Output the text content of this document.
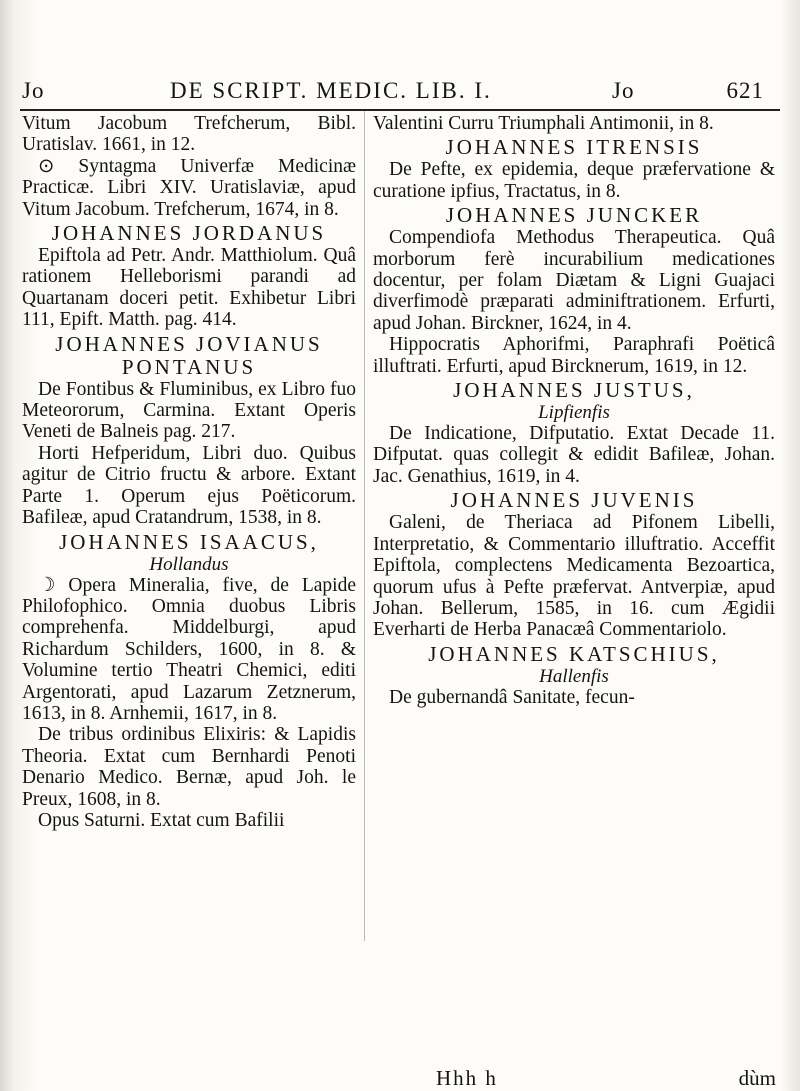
Jo	DE SCRIPT. MEDIC. LIB. I.	Jo	621

Vitum Jacobum Trefcherum, Bibl. Uratislav. 1661, in 12.

⊙ Syntagma Univerfæ Medicinæ Practicæ. Libri XIV. Uratislaviæ, apud Vitum Jacobum. Trefcherum, 1674, in 8.

JOHANNES JORDANUS

Epiftola ad Petr. Andr. Matthiolum. Quâ rationem Helleborismi parandi ad Quartanam doceri petit. Exhibetur Libri 111, Epift. Matth. pag. 414.

JOHANNES JOVIANUS PONTANUS

De Fontibus & Fluminibus, ex Libro fuo Meteororum, Carmina. Extant Operis Veneti de Balneis pag. 217.

Horti Hefperidum, Libri duo. Quibus agitur de Citrio fructu & arbore. Extant Parte 1. Operum ejus Poëticorum. Bafileæ, apud Cratandrum, 1538, in 8.

JOHANNES ISAACUS,

Hollandus

☽ Opera Mineralia, five, de Lapide Philofophico. Omnia duobus Libris comprehenfa. Middelburgi, apud Richardum Schilders, 1600, in 8. & Volumine tertio Theatri Chemici, editi Argentorati, apud Lazarum Zetznerum, 1613, in 8. Arnhemii, 1617, in 8.

De tribus ordinibus Elixiris: & Lapidis Theoria. Extat cum Bernhardi Penoti Denario Medico. Bernæ, apud Joh. le Preux, 1608, in 8.

Opus Saturni. Extat cum Bafilii

Valentini Curru Triumphali Antimonii, in 8.

JOHANNES ITRENSIS

De Pefte, ex epidemia, deque præfervatione & curatione ipfius, Tractatus, in 8.

JOHANNES JUNCKER

Compendiofa Methodus Therapeutica. Quâ morborum ferè incurabilium medicationes docentur, per folam Diætam & Ligni Guajaci diverfimodè præparati adminiftrationem. Erfurti, apud Johan. Birckner, 1624, in 4.

Hippocratis Aphorifmi, Paraphrafi Poëticâ illuftrati. Erfurti, apud Bircknerum, 1619, in 12.

JOHANNES JUSTUS,

Lipfienfis

De Indicatione, Difputatio. Extat Decade 11. Difputat. quas collegit & edidit Bafileæ, Johan. Jac. Genathius, 1619, in 4.

JOHANNES JUVENIS

Galeni, de Theriaca ad Pifonem Libelli, Interpretatio, & Commentario illuftratio. Acceffit Epiftola, complectens Medicamenta Bezoartica, quorum ufus à Pefte præfervat. Antverpiæ, apud Johan. Bellerum, 1585, in 16. cum Ægidii Everharti de Herba Panacæâ Commentariolo.

JOHANNES KATSCHIUS,

Hallenfis

De gubernandâ Sanitate, fecun-

Hhh h	dùm
